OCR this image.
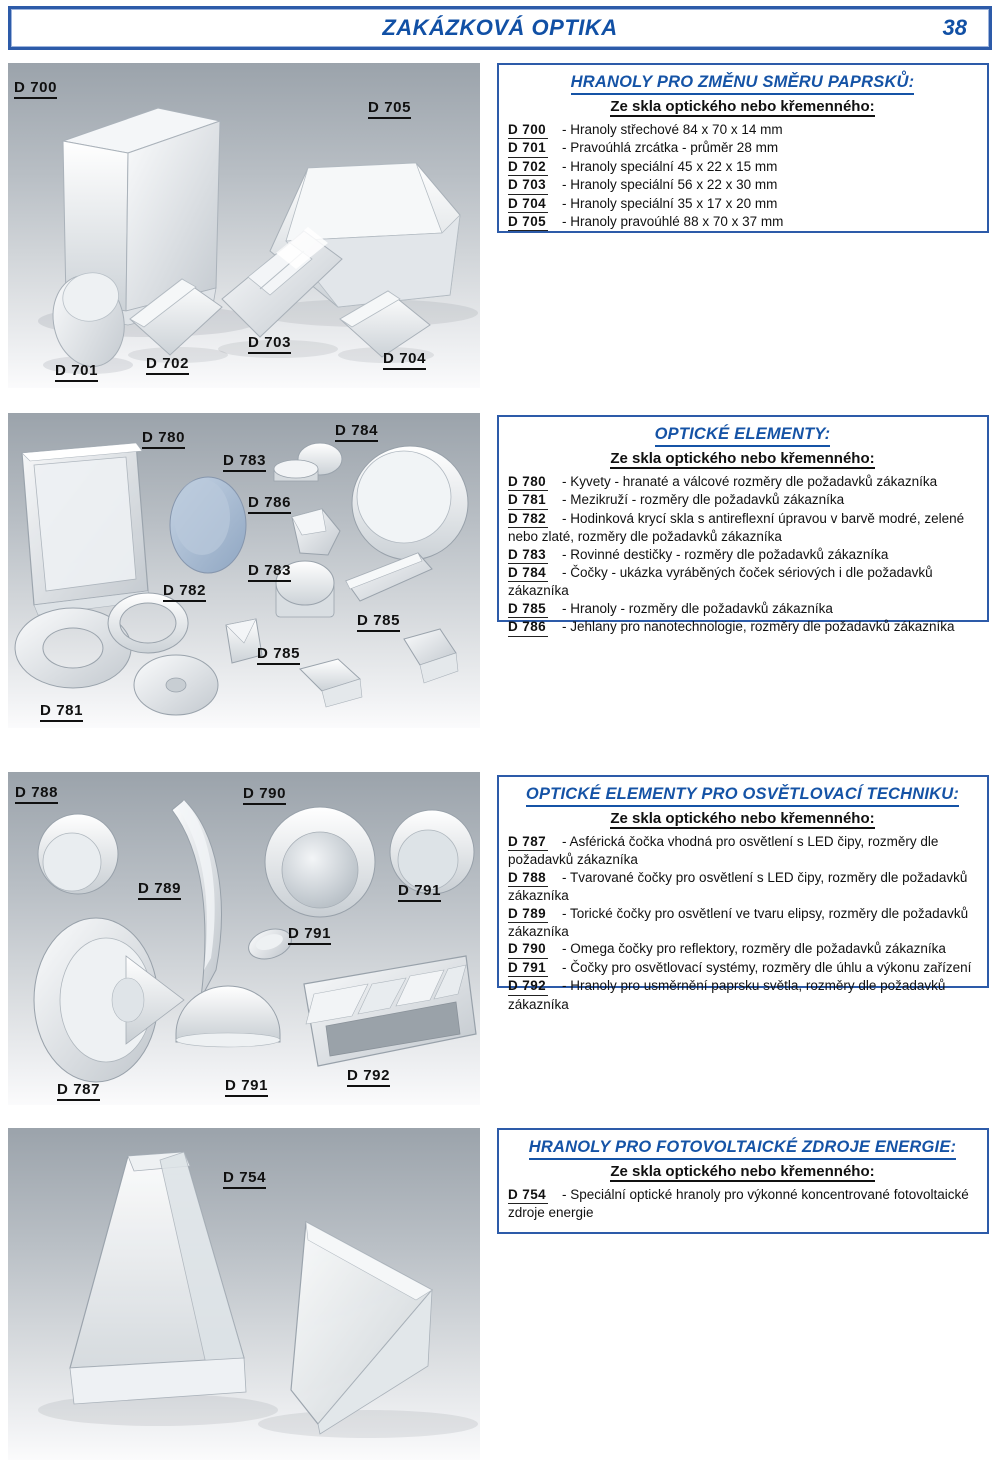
ZAKÁZKOVÁ OPTIKA	38
D 700
D 705
D 701	D 702
D 703
D 704
HRANOLY PRO ZMĚNU SMĚRU PAPRSKŮ:
Ze skla optického nebo křemenného:
D 700 - Hranoly střechové 84 x 70 x 14 mm
D 701 - Pravoúhlá zrcátka - průměr 28 mm
D 702 - Hranoly speciální 45 x 22 x 15 mm
D 703 - Hranoly speciální 56 x 22 x 30 mm
D 704 - Hranoly speciální 35 x 17 x 20 mm
D 705 - Hranoly pravoúhlé 88 x 70 x 37 mm
D 780
D 783
D 784
D 786
D 782
D 783
D 785
D 785
D 781
OPTICKÉ ELEMENTY:
Ze skla optického nebo křemenného:
D 780 - Kyvety - hranaté a válcové rozměry dle požadavků zákazníka
D 781 - Mezikruží - rozměry dle požadavků zákazníka
D 782 - Hodinková krycí skla s antireflexní úpravou v barvě modré, zelené nebo zlaté, rozměry dle požadavků zákazníka
D 783 - Rovinné destičky - rozměry dle požadavků zákazníka
D 784 - Čočky - ukázka vyráběných čoček sériových i dle požadavků zákazníka
D 785 - Hranoly - rozměry dle požadavků zákazníka
D 786 - Jehlany pro nanotechnologie, rozměry dle požadavků zákazníka
D 788	D 790
D 789	D 791
D 791
D 787	D 791
D 792
OPTICKÉ ELEMENTY PRO OSVĚTLOVACÍ TECHNIKU:
Ze skla optického nebo křemenného:
D 787 - Asférická čočka vhodná pro osvětlení s LED čipy, rozměry dle požadavků zákazníka
D 788 - Tvarované čočky pro osvětlení s LED čipy, rozměry dle požadavků zákazníka
D 789 - Torické čočky pro osvětlení ve tvaru elipsy, rozměry dle požadavků zákazníka
D 790 - Omega čočky pro reflektory, rozměry dle požadavků zákazníka
D 791 - Čočky pro osvětlovací systémy, rozměry dle úhlu a výkonu zařízení
D 792 - Hranoly pro usměrnění paprsku světla, rozměry dle požadavků zákazníka
D 754
HRANOLY PRO FOTOVOLTAICKÉ ZDROJE ENERGIE:
Ze skla optického nebo křemenného:
D 754 - Speciální optické hranoly pro výkonné koncentrované fotovoltaické zdroje energie
